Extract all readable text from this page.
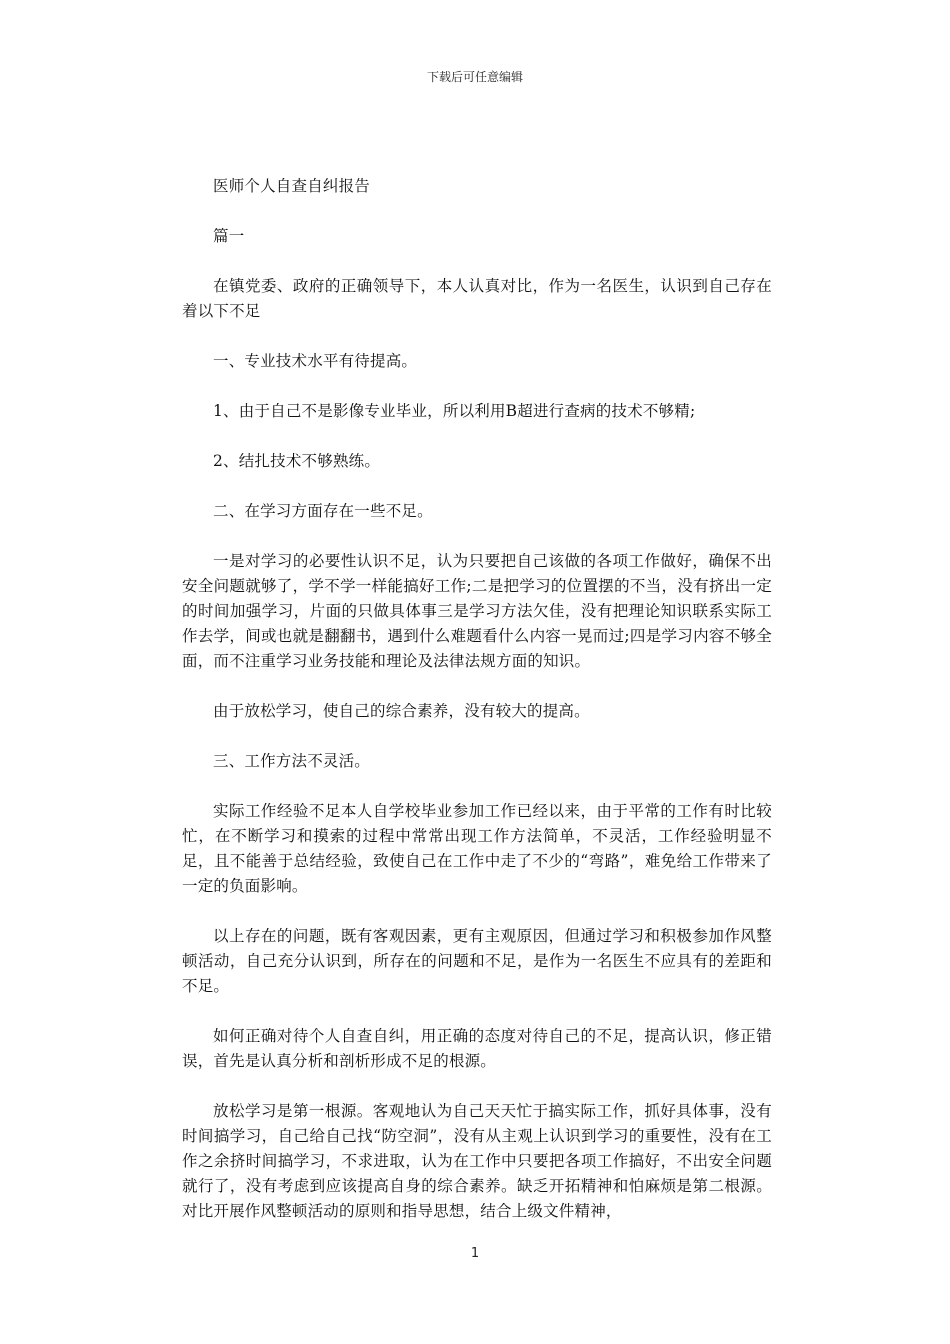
下载后可任意编辑

医师个人自查自纠报告

篇一

在镇党委、政府的正确领导下，本人认真对比，作为一名医生，认识到自己存在着以下不足

一、专业技术水平有待提高。

1、由于自己不是影像专业毕业，所以利用B超进行查病的技术不够精;

2、结扎技术不够熟练。

二、在学习方面存在一些不足。

一是对学习的必要性认识不足，认为只要把自己该做的各项工作做好，确保不出安全问题就够了，学不学一样能搞好工作;二是把学习的位置摆的不当，没有挤出一定的时间加强学习，片面的只做具体事三是学习方法欠佳，没有把理论知识联系实际工作去学，间或也就是翻翻书，遇到什么难题看什么内容一晃而过;四是学习内容不够全面，而不注重学习业务技能和理论及法律法规方面的知识。

由于放松学习，使自己的综合素养，没有较大的提高。

三、工作方法不灵活。

实际工作经验不足本人自学校毕业参加工作已经以来，由于平常的工作有时比较忙，在不断学习和摸索的过程中常常出现工作方法简单，不灵活，工作经验明显不足，且不能善于总结经验，致使自己在工作中走了不少的“弯路”，难免给工作带来了一定的负面影响。

以上存在的问题，既有客观因素，更有主观原因，但通过学习和积极参加作风整顿活动，自己充分认识到，所存在的问题和不足，是作为一名医生不应具有的差距和不足。

如何正确对待个人自查自纠，用正确的态度对待自己的不足，提高认识，修正错误，首先是认真分析和剖析形成不足的根源。

放松学习是第一根源。客观地认为自己天天忙于搞实际工作，抓好具体事，没有时间搞学习，自己给自己找“防空洞”，没有从主观上认识到学习的重要性，没有在工作之余挤时间搞学习，不求进取，认为在工作中只要把各项工作搞好，不出安全问题就行了，没有考虑到应该提高自身的综合素养。缺乏开拓精神和怕麻烦是第二根源。对比开展作风整顿活动的原则和指导思想，结合上级文件精神，

1
